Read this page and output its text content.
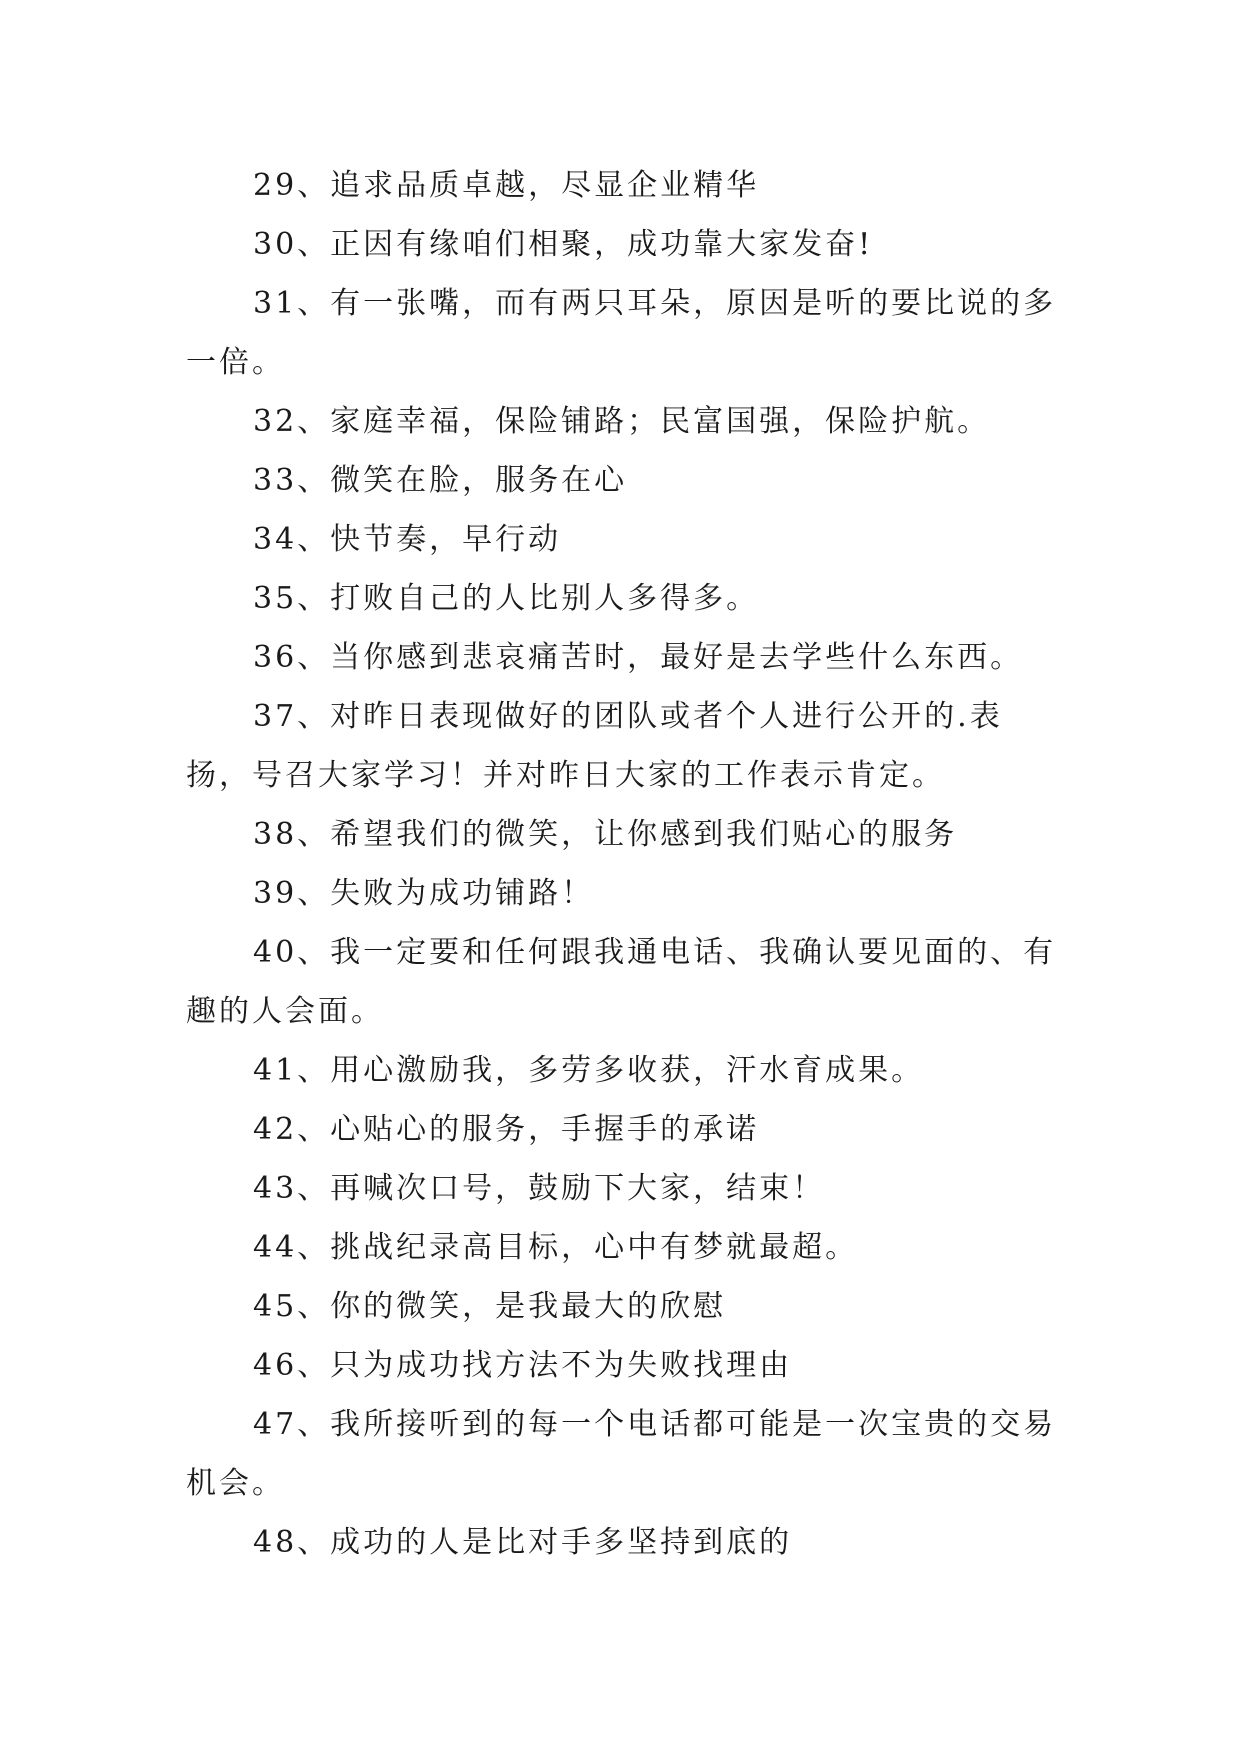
29、追求品质卓越，尽显企业精华

30、正因有缘咱们相聚，成功靠大家发奋!

31、有一张嘴，而有两只耳朵，原因是听的要比说的多一倍。

32、家庭幸福，保险铺路；民富国强，保险护航。

33、微笑在脸，服务在心

34、快节奏，早行动

35、打败自己的人比别人多得多。

36、当你感到悲哀痛苦时，最好是去学些什么东西。

37、对昨日表现做好的团队或者个人进行公开的.表扬，号召大家学习！并对昨日大家的工作表示肯定。

38、希望我们的微笑，让你感到我们贴心的服务

39、失败为成功铺路！

40、我一定要和任何跟我通电话、我确认要见面的、有趣的人会面。

41、用心激励我，多劳多收获，汗水育成果。

42、心贴心的服务，手握手的承诺

43、再喊次口号，鼓励下大家，结束！

44、挑战纪录高目标，心中有梦就最超。

45、你的微笑，是我最大的欣慰

46、只为成功找方法不为失败找理由

47、我所接听到的每一个电话都可能是一次宝贵的交易机会。

48、成功的人是比对手多坚持到底的
